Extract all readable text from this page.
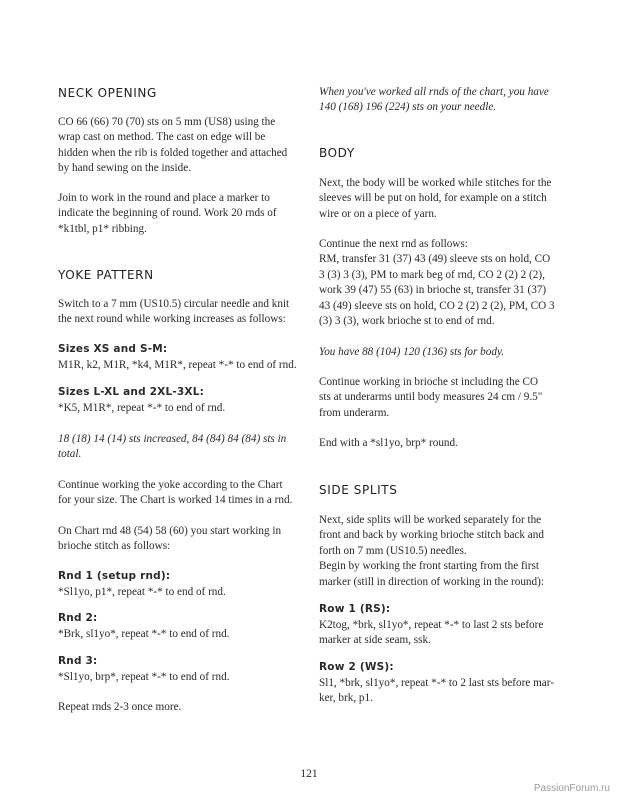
NECK OPENING
CO 66 (66) 70 (70) sts on 5 mm (US8) using the
wrap cast on method. The cast on edge will be
hidden when the rib is folded together and attached
by hand sewing on the inside.
Join to work in the round and place a marker to
indicate the beginning of round. Work 20 rnds of
*k1tbl, p1* ribbing.
YOKE PATTERN
Switch to a 7 mm (US10.5) circular needle and knit
the next round while working increases as follows:
Sizes XS and S-M:
M1R, k2, M1R, *k4, M1R*, repeat *-* to end of rnd.
Sizes L-XL and 2XL-3XL:
*K5, M1R*, repeat *-* to end of rnd.
18 (18) 14 (14) sts increased, 84 (84) 84 (84) sts in
total.
Continue working the yoke according to the Chart
for your size. The Chart is worked 14 times in a rnd.
On Chart rnd 48 (54) 58 (60) you start working in
brioche stitch as follows:
Rnd 1 (setup rnd):
*Sl1yo, p1*, repeat *-* to end of rnd.
Rnd 2:
*Brk, sl1yo*, repeat *-* to end of rnd.
Rnd 3:
*Sl1yo, brp*, repeat *-* to end of rnd.
Repeat rnds 2-3 once more.
When you've worked all rnds of the chart, you have
140 (168) 196 (224) sts on your needle.
BODY
Next, the body will be worked while stitches for the
sleeves will be put on hold, for example on a stitch
wire or on a piece of yarn.
Continue the next rnd as follows:
RM, transfer 31 (37) 43 (49) sleeve sts on hold, CO
3 (3) 3 (3), PM to mark beg of rnd, CO 2 (2) 2 (2),
work 39 (47) 55 (63) in brioche st, transfer 31 (37)
43 (49) sleeve sts on hold, CO 2 (2) 2 (2), PM, CO 3
(3) 3 (3), work brioche st to end of rnd.
You have 88 (104) 120 (136) sts for body.
Continue working in brioche st including the CO
sts at underarms until body measures 24 cm / 9.5"
from underarm.
End with a *sl1yo, brp* round.
SIDE SPLITS
Next, side splits will be worked separately for the
front and back by working brioche stitch back and
forth on 7 mm (US10.5) needles.
Begin by working the front starting from the first
marker (still in direction of working in the round):
Row 1 (RS):
K2tog, *brk, sl1yo*, repeat *-* to last 2 sts before
marker at side seam, ssk.
Row 2 (WS):
Sl1, *brk, sl1yo*, repeat *-* to 2 last sts before mar-
ker, brk, p1.
121
PassionForum.ru
